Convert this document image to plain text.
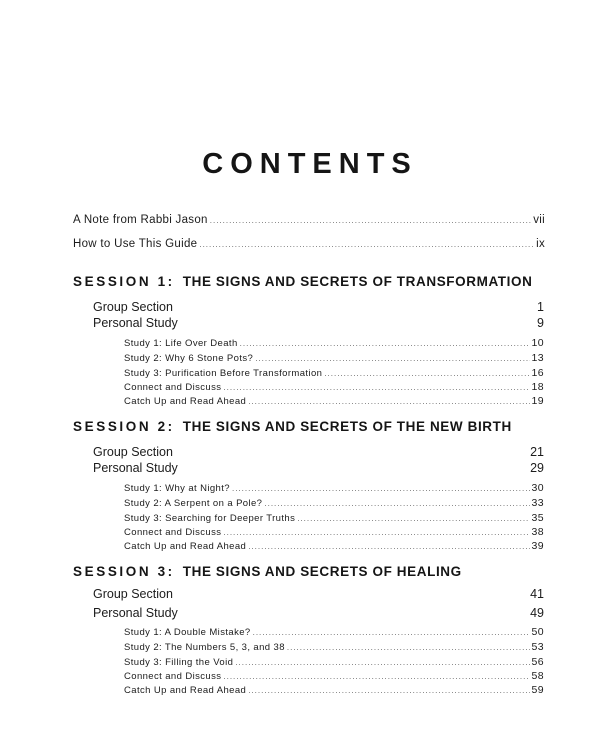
CONTENTS
A Note from Rabbi Jason .....	vii
How to Use This Guide .....	ix
SESSION 1: THE SIGNS AND SECRETS OF TRANSFORMATION
Group Section	1
Personal Study	9
Study 1: Life Over Death .....	10
Study 2: Why 6 Stone Pots? .....	13
Study 3: Purification Before Transformation .....	16
Connect and Discuss .....	18
Catch Up and Read Ahead .....	19
SESSION 2: THE SIGNS AND SECRETS OF THE NEW BIRTH
Group Section	21
Personal Study	29
Study 1: Why at Night? .....	30
Study 2: A Serpent on a Pole? .....	33
Study 3: Searching for Deeper Truths .....	35
Connect and Discuss .....	38
Catch Up and Read Ahead .....	39
SESSION 3: THE SIGNS AND SECRETS OF HEALING
Group Section	41
Personal Study	49
Study 1: A Double Mistake? .....	50
Study 2: The Numbers 5, 3, and 38 .....	53
Study 3: Filling the Void .....	56
Connect and Discuss .....	58
Catch Up and Read Ahead .....	59
